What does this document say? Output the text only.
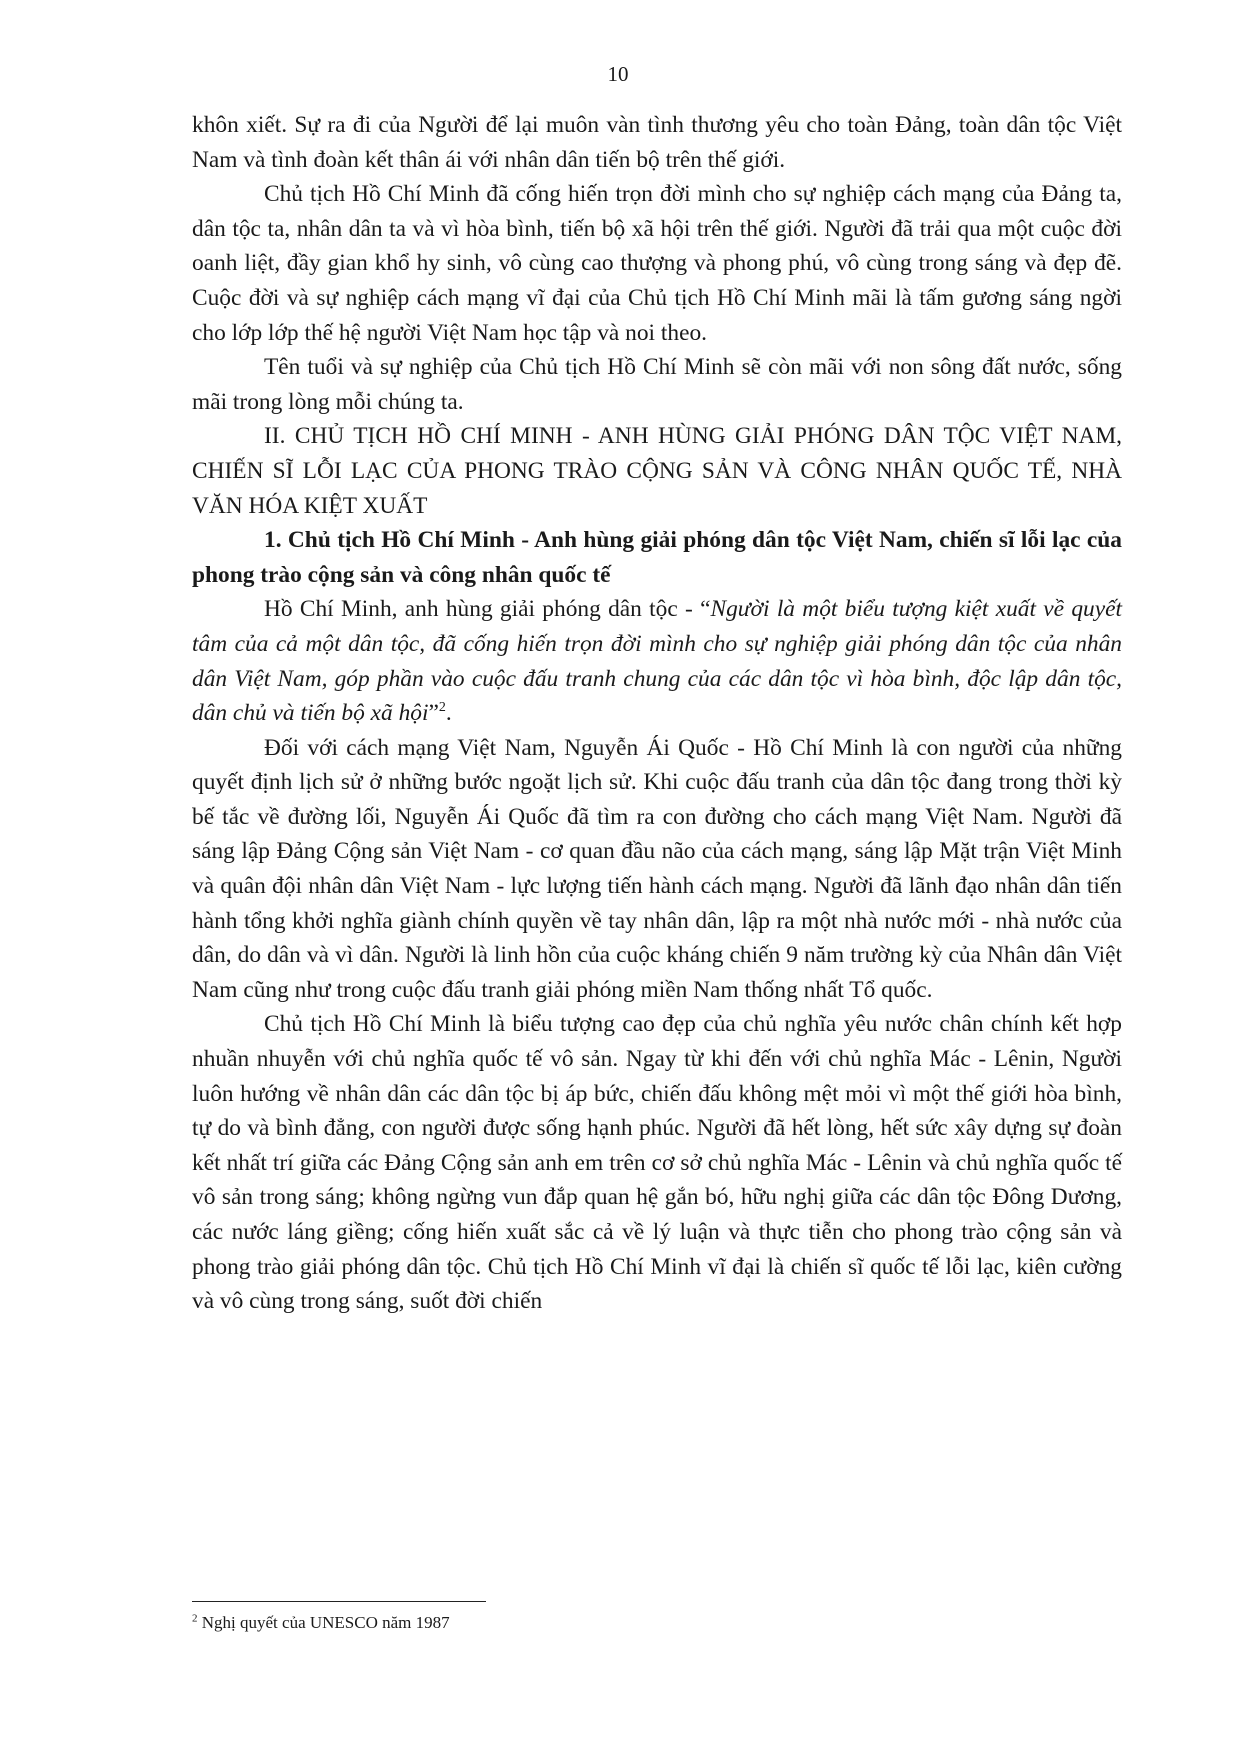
10

khôn xiết. Sự ra đi của Người để lại muôn vàn tình thương yêu cho toàn Đảng, toàn dân tộc Việt Nam và tình đoàn kết thân ái với nhân dân tiến bộ trên thế giới.

Chủ tịch Hồ Chí Minh đã cống hiến trọn đời mình cho sự nghiệp cách mạng của Đảng ta, dân tộc ta, nhân dân ta và vì hòa bình, tiến bộ xã hội trên thế giới. Người đã trải qua một cuộc đời oanh liệt, đầy gian khổ hy sinh, vô cùng cao thượng và phong phú, vô cùng trong sáng và đẹp đẽ. Cuộc đời và sự nghiệp cách mạng vĩ đại của Chủ tịch Hồ Chí Minh mãi là tấm gương sáng ngời cho lớp lớp thế hệ người Việt Nam học tập và noi theo.

Tên tuổi và sự nghiệp của Chủ tịch Hồ Chí Minh sẽ còn mãi với non sông đất nước, sống mãi trong lòng mỗi chúng ta.

II. CHỦ TỊCH HỒ CHÍ MINH - ANH HÙNG GIẢI PHÓNG DÂN TỘC VIỆT NAM, CHIẾN SĨ LỖI LẠC CỦA PHONG TRÀO CỘNG SẢN VÀ CÔNG NHÂN QUỐC TẾ, NHÀ VĂN HÓA KIỆT XUẤT

1. Chủ tịch Hồ Chí Minh - Anh hùng giải phóng dân tộc Việt Nam, chiến sĩ lỗi lạc của phong trào cộng sản và công nhân quốc tế

Hồ Chí Minh, anh hùng giải phóng dân tộc - “Người là một biểu tượng kiệt xuất về quyết tâm của cả một dân tộc, đã cống hiến trọn đời mình cho sự nghiệp giải phóng dân tộc của nhân dân Việt Nam, góp phần vào cuộc đấu tranh chung của các dân tộc vì hòa bình, độc lập dân tộc, dân chủ và tiến bộ xã hội”$^2$.

Đối với cách mạng Việt Nam, Nguyễn Ái Quốc - Hồ Chí Minh là con người của những quyết định lịch sử ở những bước ngoặt lịch sử. Khi cuộc đấu tranh của dân tộc đang trong thời kỳ bế tắc về đường lối, Nguyễn Ái Quốc đã tìm ra con đường cho cách mạng Việt Nam. Người đã sáng lập Đảng Cộng sản Việt Nam - cơ quan đầu não của cách mạng, sáng lập Mặt trận Việt Minh và quân đội nhân dân Việt Nam - lực lượng tiến hành cách mạng. Người đã lãnh đạo nhân dân tiến hành tổng khởi nghĩa giành chính quyền về tay nhân dân, lập ra một nhà nước mới - nhà nước của dân, do dân và vì dân. Người là linh hồn của cuộc kháng chiến 9 năm trường kỳ của Nhân dân Việt Nam cũng như trong cuộc đấu tranh giải phóng miền Nam thống nhất Tổ quốc.

Chủ tịch Hồ Chí Minh là biểu tượng cao đẹp của chủ nghĩa yêu nước chân chính kết hợp nhuần nhuyễn với chủ nghĩa quốc tế vô sản. Ngay từ khi đến với chủ nghĩa Mác - Lênin, Người luôn hướng về nhân dân các dân tộc bị áp bức, chiến đấu không mệt mỏi vì một thế giới hòa bình, tự do và bình đẳng, con người được sống hạnh phúc. Người đã hết lòng, hết sức xây dựng sự đoàn kết nhất trí giữa các Đảng Cộng sản anh em trên cơ sở chủ nghĩa Mác - Lênin và chủ nghĩa quốc tế vô sản trong sáng; không ngừng vun đắp quan hệ gắn bó, hữu nghị giữa các dân tộc Đông Dương, các nước láng giềng; cống hiến xuất sắc cả về lý luận và thực tiễn cho phong trào cộng sản và phong trào giải phóng dân tộc. Chủ tịch Hồ Chí Minh vĩ đại là chiến sĩ quốc tế lỗi lạc, kiên cường và vô cùng trong sáng, suốt đời chiến

$^2$ Nghị quyết của UNESCO năm 1987
